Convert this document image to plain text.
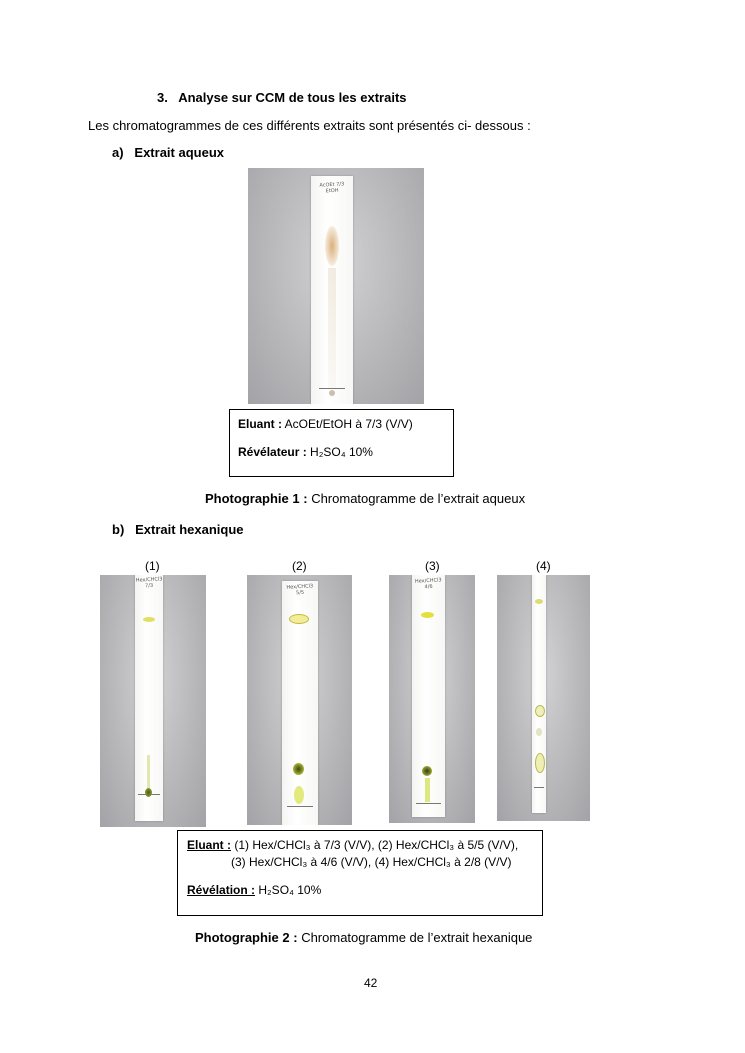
3. Analyse sur CCM de tous les extraits
Les chromatogrammes de ces différents extraits sont présentés ci- dessous :
a) Extrait aqueux
AcOEt 7/3 EtOH
Eluant : AcOEt/EtOH à 7/3 (V/V)
Révélateur : H₂SO₄ 10%
Photographie 1 : Chromatogramme de l’extrait aqueux
b) Extrait hexanique
(1)	(2)	(3)	(4)
Hex/CHCl3 7/3	Hex/CHCl3 5/5
Hex/CHCl3 4/6
Eluant : (1) Hex/CHCl₃ à 7/3 (V/V), (2) Hex/CHCl₃ à 5/5 (V/V),
(3) Hex/CHCl₃ à 4/6 (V/V), (4) Hex/CHCl₃ à 2/8 (V/V)
Révélation : H₂SO₄ 10%
Photographie 2 : Chromatogramme de l’extrait hexanique
42
